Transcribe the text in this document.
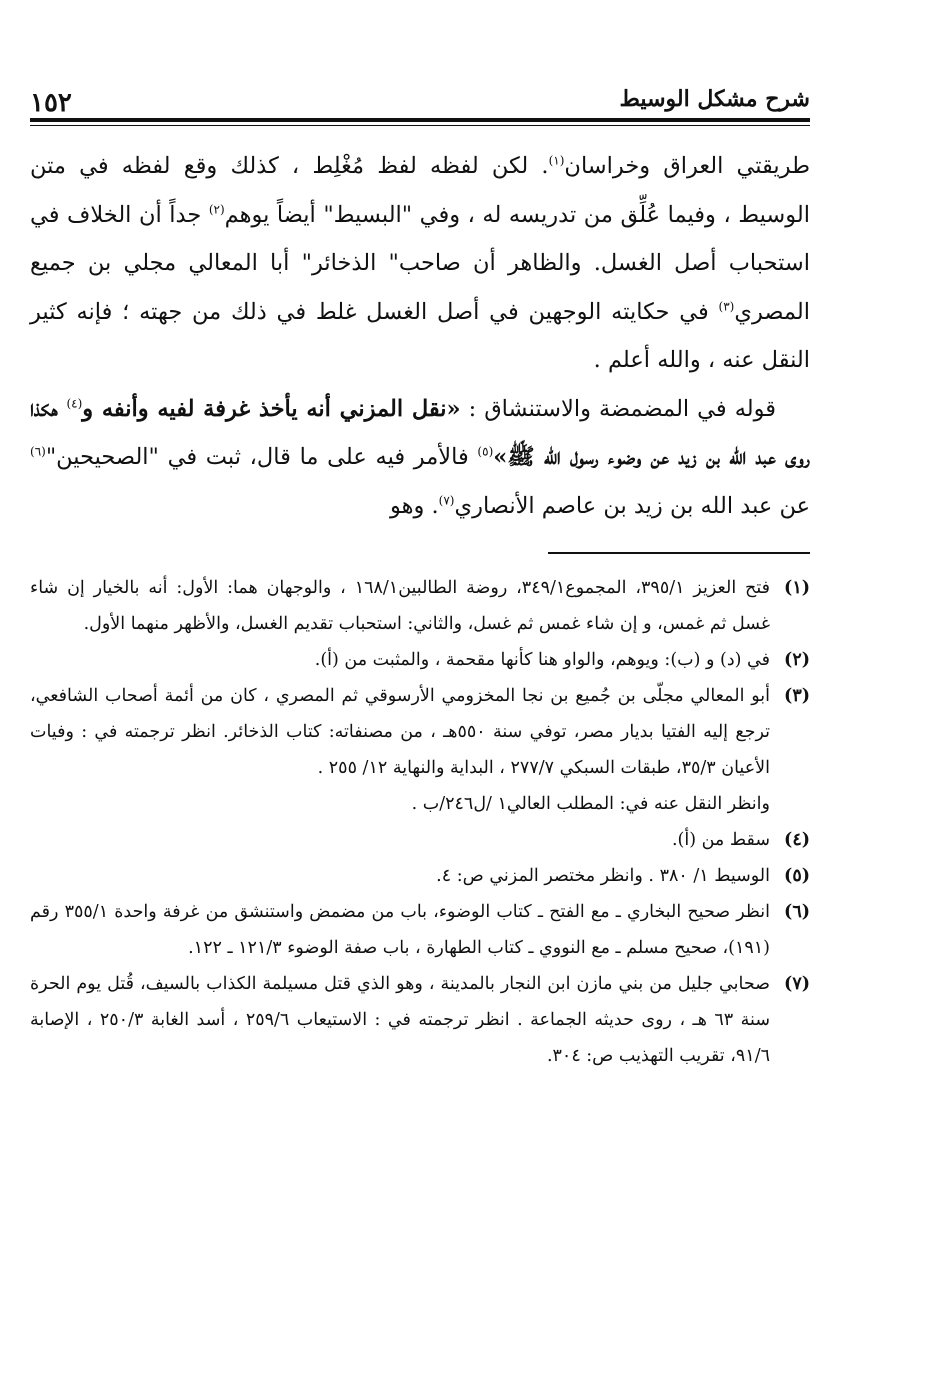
شرح مشكل الوسيط
١٥٢

طريقتي العراق وخراسان$^{(١)}$. لكن لفظه لفظ مُغْلِط ، كذلك وقع لفظه في متن الوسيط ، وفيما عُلِّق من تدريسه له ، وفي "البسيط" أيضاً يوهم$^{(٢)}$ جداً أن الخلاف في استحباب أصل الغسل. والظاهر أن صاحب" الذخائر" أبا المعالي مجلي بن جميع المصري$^{(٣)}$ في حكايته الوجهين في أصل الغسل غلط في ذلك من جهته ؛ فإنه كثير النقل عنه ، والله أعلم .

قوله في المضمضة والاستنشاق : «نقل المزني أنه يأخذ غرفة لفيه وأنفه و$^{(٤)}$ هكذا روى عبد الله بن زيد عن وضوء رسول الله ﷺ»$^{(٥)}$ فالأمر فيه على ما قال، ثبت في "الصحيحين"$^{(٦)}$ عن عبد الله بن زيد بن عاصم الأنصاري$^{(٧)}$. وهو

(١)
فتح العزيز ٣٩٥/١، المجموع٣٤٩/١، روضة الطالبين١٦٨/١ ، والوجهان هما: الأول: أنه بالخيار إن شاء غسل ثم غمس، و إن شاء غمس ثم غسل، والثاني: استحباب تقديم الغسل، والأظهر منهما الأول.
(٢)
في (د) و (ب): ويوهم، والواو هنا كأنها مقحمة ، والمثبت من (أ).
(٣)
أبو المعالي مجلّى بن جُميع بن نجا المخزومي الأرسوقي ثم المصري ، كان من أئمة أصحاب الشافعي، ترجع إليه الفتيا بديار مصر، توفي سنة ٥٥٠هـ ، من مصنفاته: كتاب الذخائر. انظر ترجمته في : وفيات الأعيان ٣٥/٣، طبقات السبكي ٢٧٧/٧ ، البداية والنهاية ١٢/ ٢٥٥ .
وانظر النقل عنه في: المطلب العالي١ /ل٢٤٦/ب .
(٤)
سقط من (أ).
(٥)
الوسيط ١/ ٣٨٠ . وانظر مختصر المزني ص: ٤.
(٦)
انظر صحيح البخاري ـ مع الفتح ـ كتاب الوضوء، باب من مضمض واستنشق من غرفة واحدة ٣٥٥/١ رقم (١٩١)، صحيح مسلم ـ مع النووي ـ كتاب الطهارة ، باب صفة الوضوء ١٢١/٣ ـ ١٢٢.
(٧)
صحابي جليل من بني مازن ابن النجار بالمدينة ، وهو الذي قتل مسيلمة الكذاب بالسيف، قُتل يوم الحرة سنة ٦٣ هـ ، روى حديثه الجماعة . انظر ترجمته في : الاستيعاب ٢٥٩/٦ ، أسد الغابة ٢٥٠/٣ ، الإصابة ٩١/٦، تقريب التهذيب ص: ٣٠٤.
